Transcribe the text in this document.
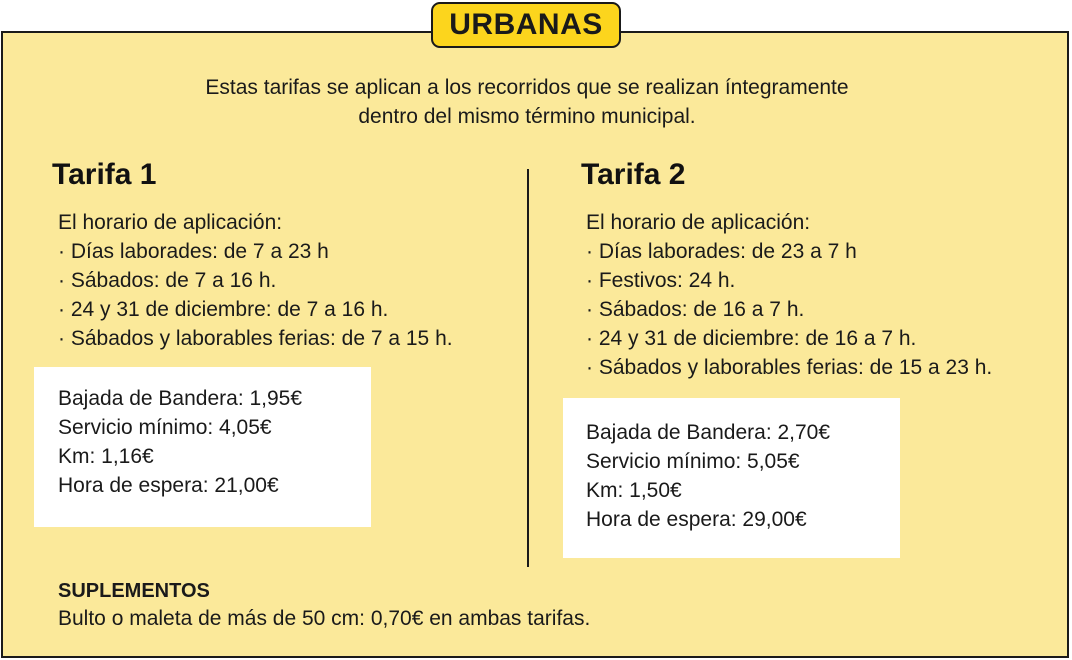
URBANAS
Estas tarifas se aplican a los recorridos que se realizan íntegramente
dentro del mismo término municipal.
Tarifa 1
El horario de aplicación:
· Días laborades: de 7 a 23 h
· Sábados: de 7 a 16 h.
· 24 y 31 de diciembre: de 7 a 16 h.
· Sábados y laborables ferias: de 7 a 15 h.
Bajada de Bandera: 1,95€
Servicio mínimo: 4,05€
Km: 1,16€
Hora de espera: 21,00€
Tarifa 2
El horario de aplicación:
· Días laborades: de 23 a 7 h
· Festivos: 24 h.
· Sábados: de 16 a 7 h.
· 24 y 31 de diciembre: de 16 a 7 h.
· Sábados y laborables ferias: de 15 a 23 h.
Bajada de Bandera: 2,70€
Servicio mínimo: 5,05€
Km: 1,50€
Hora de espera: 29,00€
SUPLEMENTOS
Bulto o maleta de más de 50 cm: 0,70€ en ambas tarifas.
